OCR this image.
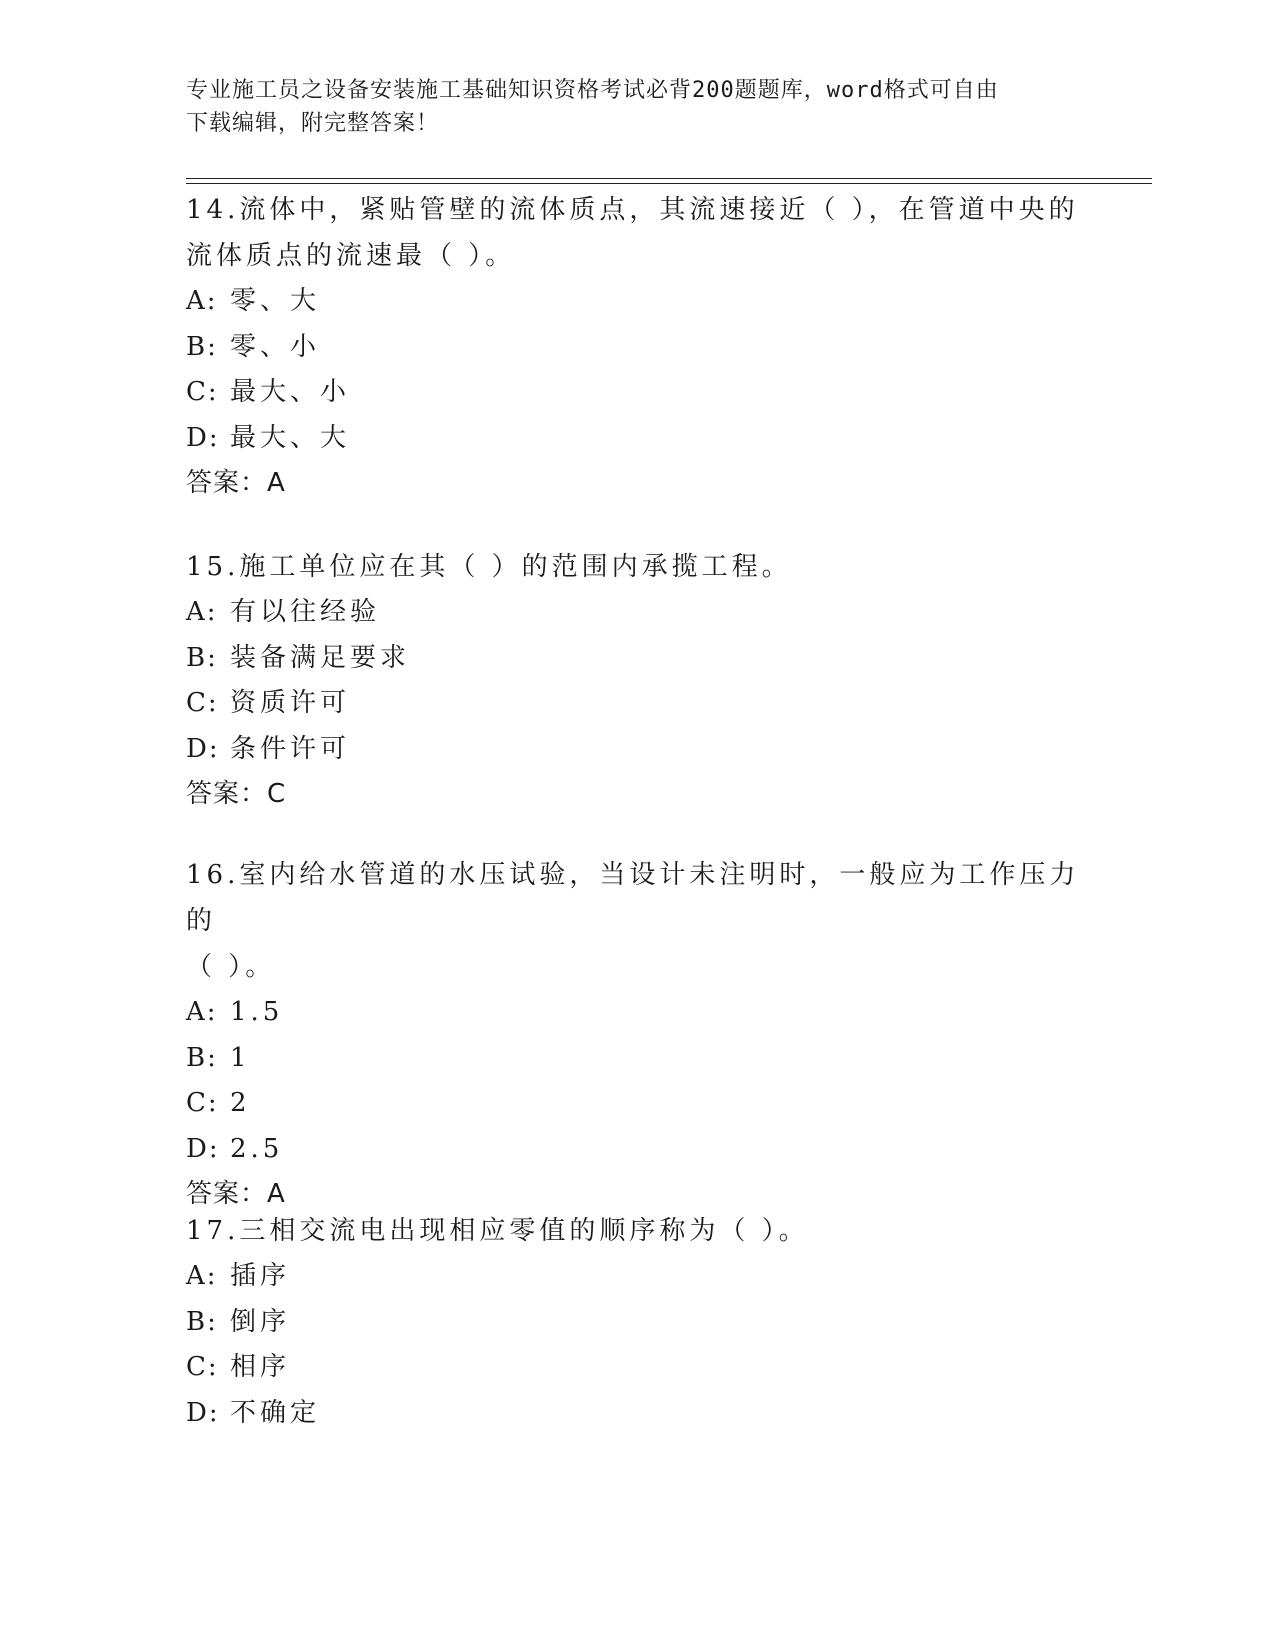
专业施工员之设备安装施工基础知识资格考试必背200题题库，word格式可自由
下载编辑，附完整答案！
14.流体中，紧贴管壁的流体质点，其流速接近（ ），在管道中央的
流体质点的流速最（ ）。
A: 零、大
B: 零、小
C: 最大、小
D: 最大、大
答案：A
15.施工单位应在其（ ）的范围内承揽工程。
A: 有以往经验
B: 装备满足要求
C: 资质许可
D: 条件许可
答案：C
16.室内给水管道的水压试验，当设计未注明时，一般应为工作压力的
（ ）。
A: 1.5
B: 1
C: 2
D: 2.5
答案：A
17.三相交流电出现相应零值的顺序称为（ ）。
A: 插序
B: 倒序
C: 相序
D: 不确定
